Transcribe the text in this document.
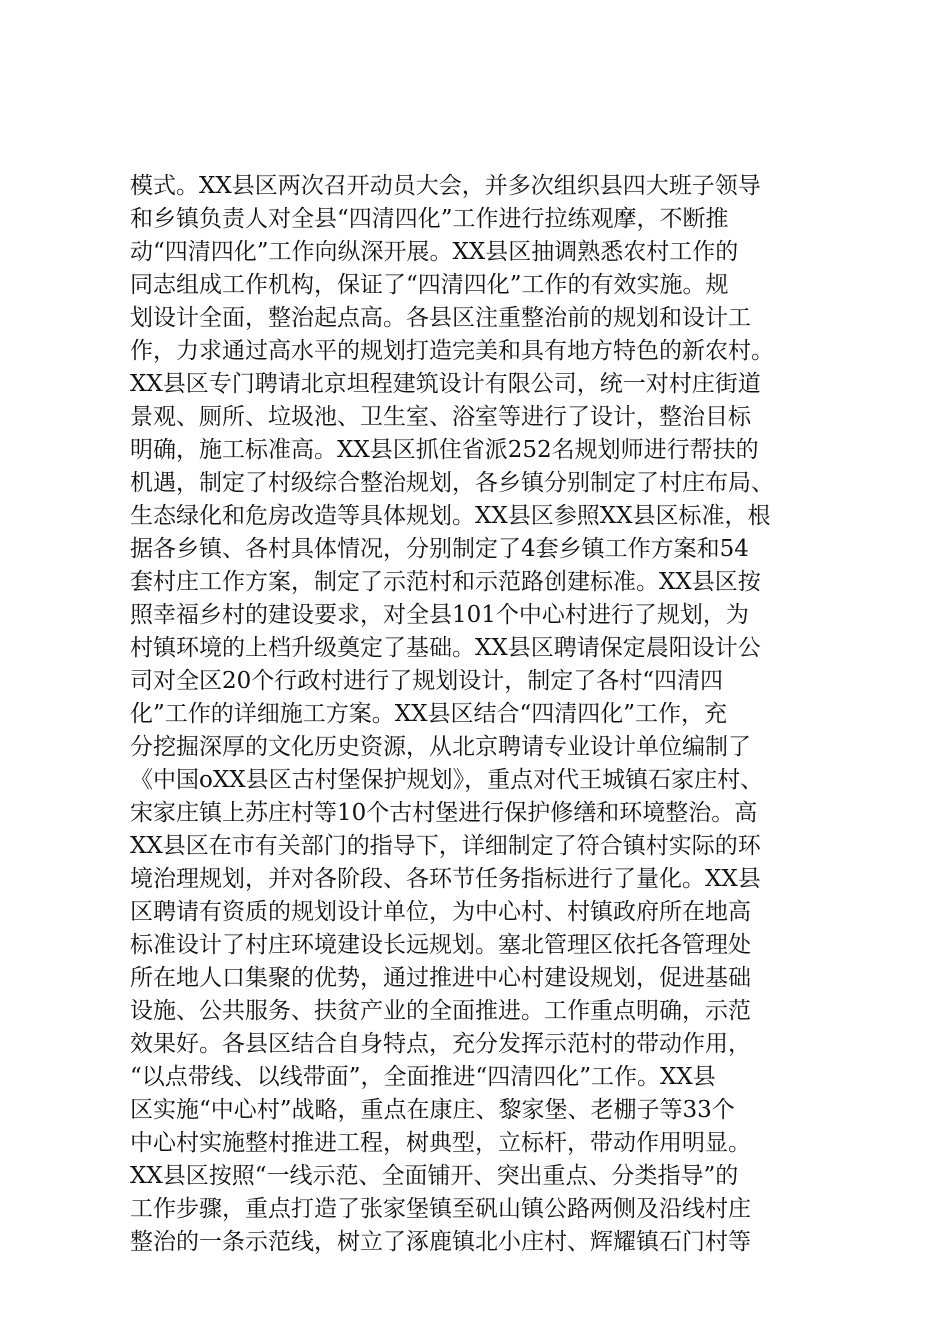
模式。XX县区两次召开动员大会，并多次组织县四大班子领导
和乡镇负责人对全县“四清四化”工作进行拉练观摩，不断推
动“四清四化”工作向纵深开展。XX县区抽调熟悉农村工作的
同志组成工作机构，保证了“四清四化”工作的有效实施。规
划设计全面，整治起点高。各县区注重整治前的规划和设计工
作，力求通过高水平的规划打造完美和具有地方特色的新农村。
XX县区专门聘请北京坦程建筑设计有限公司，统一对村庄街道
景观、厕所、垃圾池、卫生室、浴室等进行了设计，整治目标
明确，施工标准高。XX县区抓住省派252名规划师进行帮扶的
机遇，制定了村级综合整治规划，各乡镇分别制定了村庄布局、
生态绿化和危房改造等具体规划。XX县区参照XX县区标准，根
据各乡镇、各村具体情况，分别制定了4套乡镇工作方案和54
套村庄工作方案，制定了示范村和示范路创建标准。XX县区按
照幸福乡村的建设要求，对全县101个中心村进行了规划，为
村镇环境的上档升级奠定了基础。XX县区聘请保定晨阳设计公
司对全区20个行政村进行了规划设计，制定了各村“四清四
化”工作的详细施工方案。XX县区结合“四清四化”工作，充
分挖掘深厚的文化历史资源，从北京聘请专业设计单位编制了
《中国oXX县区古村堡保护规划》，重点对代王城镇石家庄村、
宋家庄镇上苏庄村等10个古村堡进行保护修缮和环境整治。高
XX县区在市有关部门的指导下，详细制定了符合镇村实际的环
境治理规划，并对各阶段、各环节任务指标进行了量化。XX县
区聘请有资质的规划设计单位，为中心村、村镇政府所在地高
标准设计了村庄环境建设长远规划。塞北管理区依托各管理处
所在地人口集聚的优势，通过推进中心村建设规划，促进基础
设施、公共服务、扶贫产业的全面推进。工作重点明确，示范
效果好。各县区结合自身特点，充分发挥示范村的带动作用，
“以点带线、以线带面”，全面推进“四清四化”工作。XX县
区实施“中心村”战略，重点在康庄、黎家堡、老棚子等33个
中心村实施整村推进工程，树典型，立标杆，带动作用明显。
XX县区按照“一线示范、全面铺开、突出重点、分类指导”的
工作步骤，重点打造了张家堡镇至矾山镇公路两侧及沿线村庄
整治的一条示范线，树立了涿鹿镇北小庄村、辉耀镇石门村等
